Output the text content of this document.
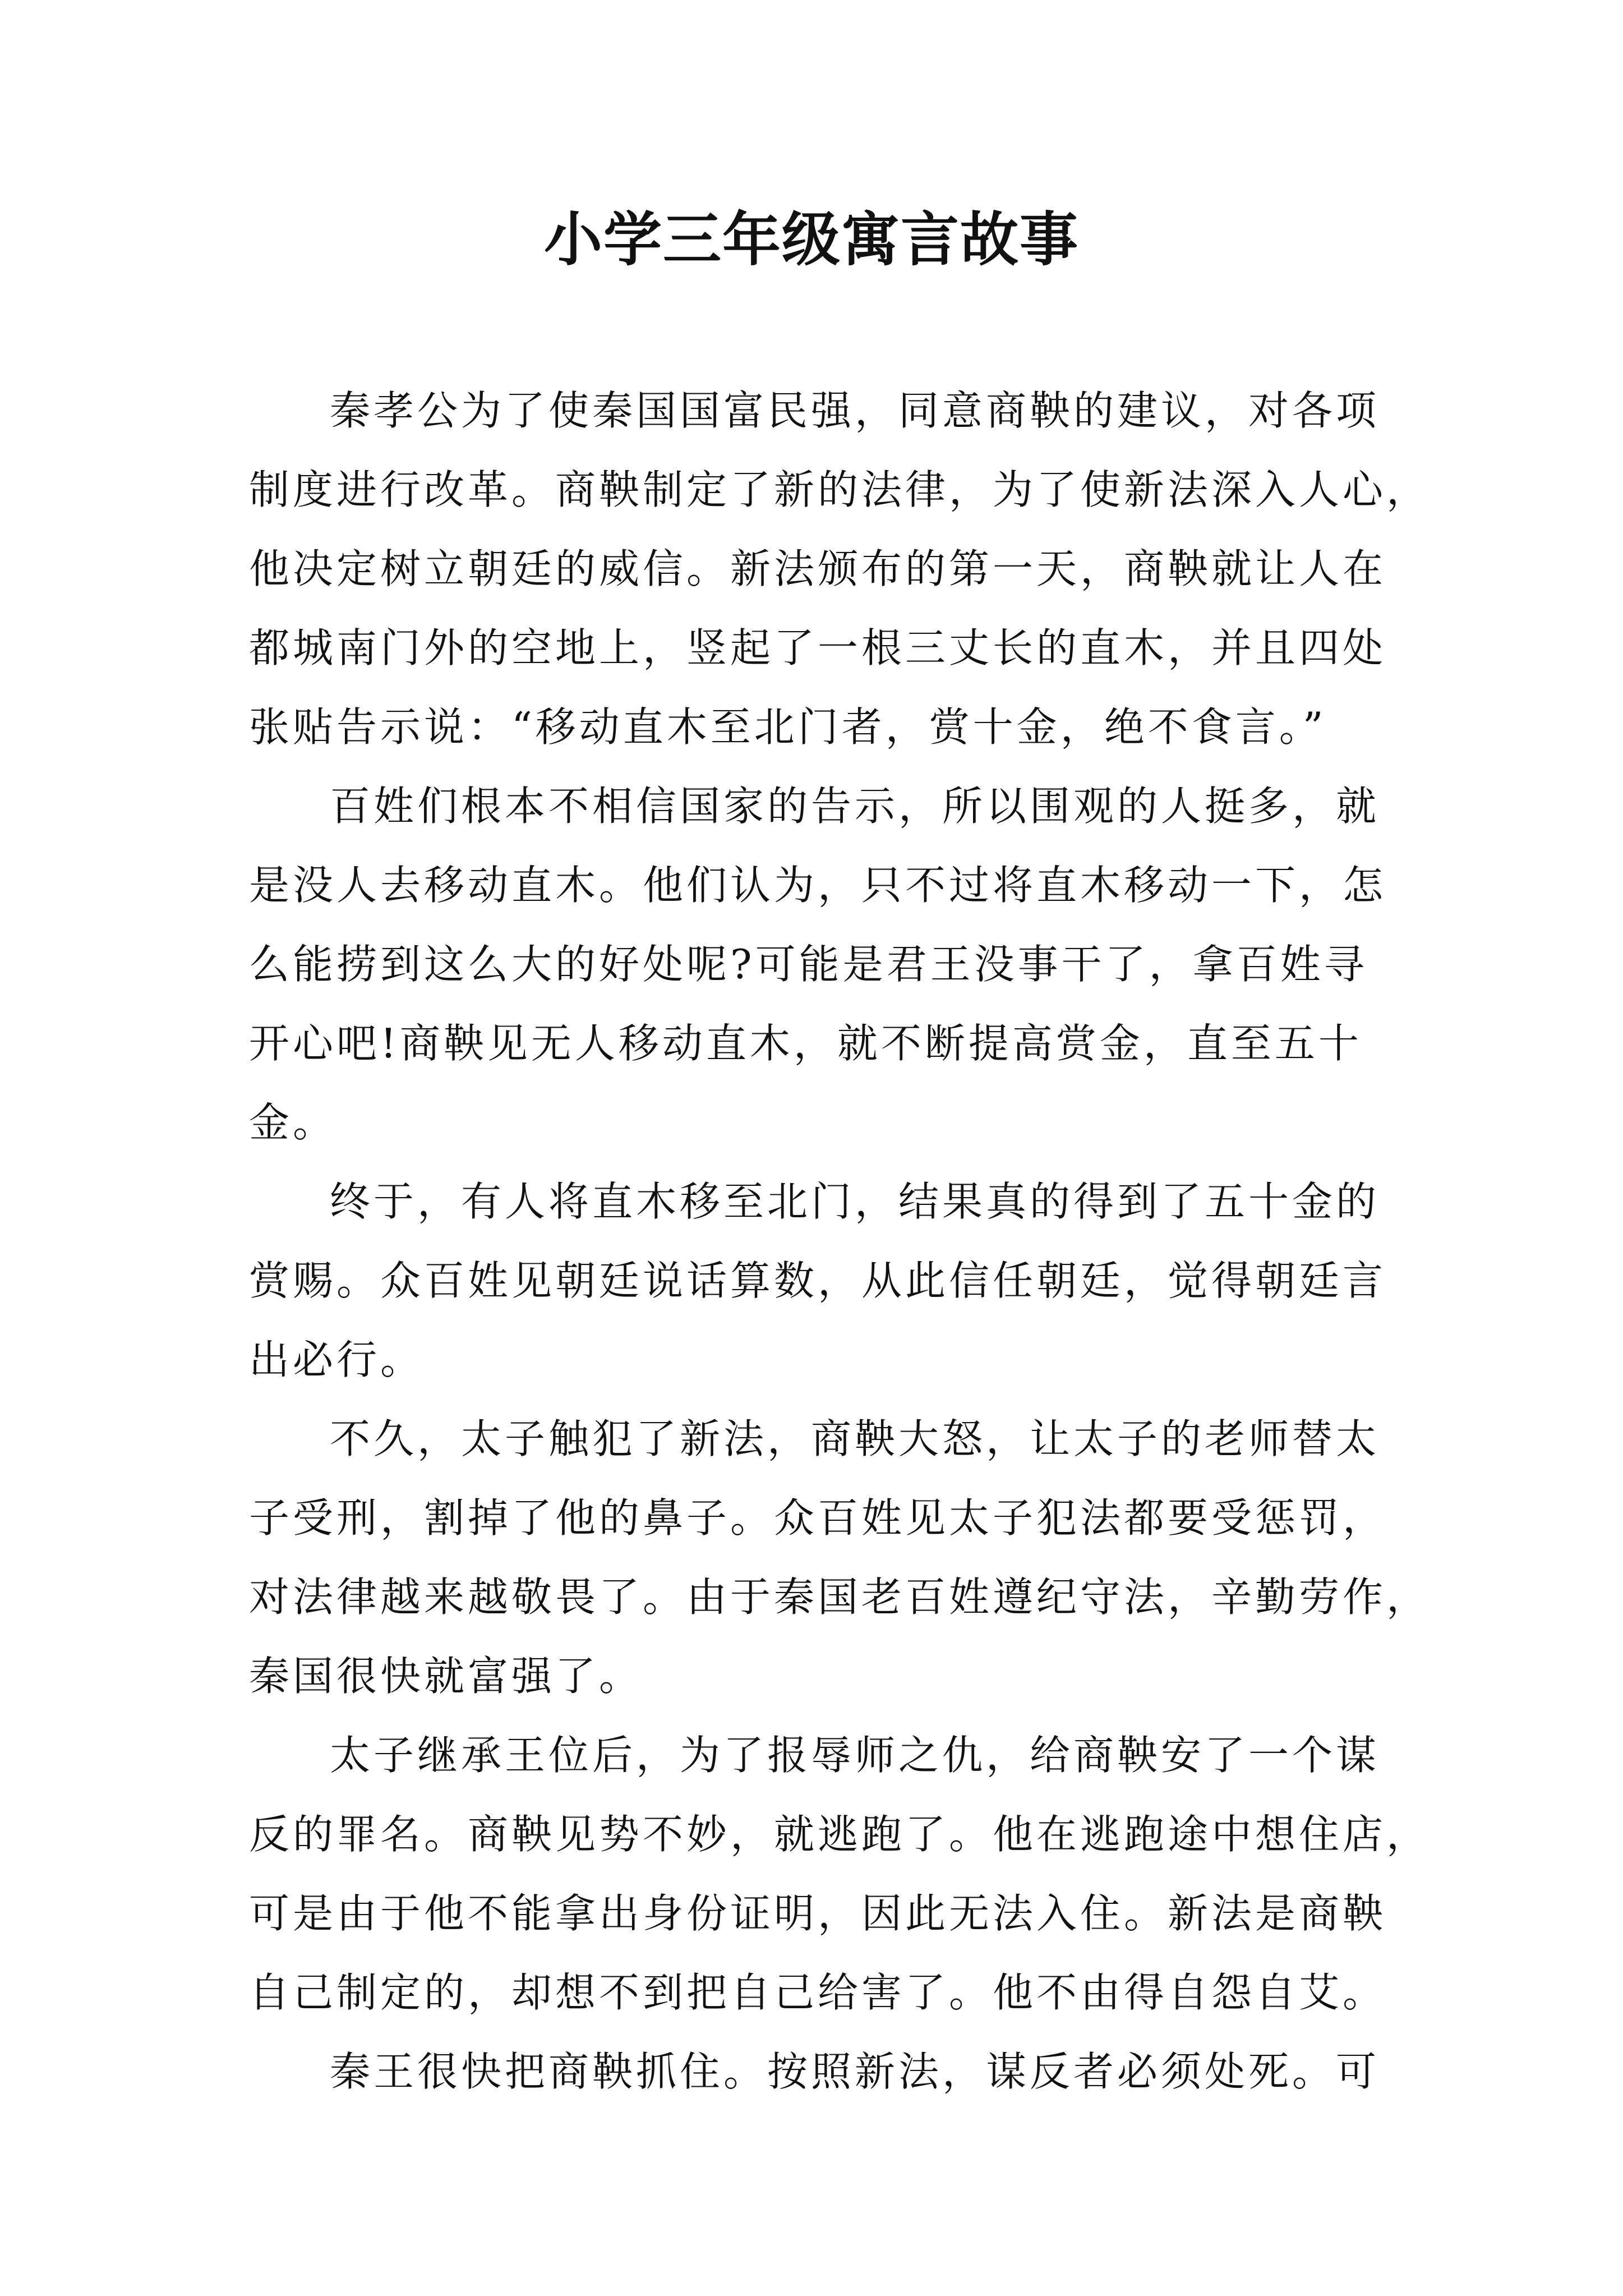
小学三年级寓言故事
秦孝公为了使秦国国富民强，同意商鞅的建议，对各项
制度进行改革。商鞅制定了新的法律，为了使新法深入人心，
他决定树立朝廷的威信。新法颁布的第一天，商鞅就让人在
都城南门外的空地上，竖起了一根三丈长的直木，并且四处
张贴告示说：“移动直木至北门者，赏十金，绝不食言。”
百姓们根本不相信国家的告示，所以围观的人挺多，就
是没人去移动直木。他们认为，只不过将直木移动一下，怎
么能捞到这么大的好处呢?可能是君王没事干了，拿百姓寻
开心吧!商鞅见无人移动直木，就不断提高赏金，直至五十
金。
终于，有人将直木移至北门，结果真的得到了五十金的
赏赐。众百姓见朝廷说话算数，从此信任朝廷，觉得朝廷言
出必行。
不久，太子触犯了新法，商鞅大怒，让太子的老师替太
子受刑，割掉了他的鼻子。众百姓见太子犯法都要受惩罚，
对法律越来越敬畏了。由于秦国老百姓遵纪守法，辛勤劳作，
秦国很快就富强了。
太子继承王位后，为了报辱师之仇，给商鞅安了一个谋
反的罪名。商鞅见势不妙，就逃跑了。他在逃跑途中想住店，
可是由于他不能拿出身份证明，因此无法入住。新法是商鞅
自己制定的，却想不到把自己给害了。他不由得自怨自艾。
秦王很快把商鞅抓住。按照新法，谋反者必须处死。可
